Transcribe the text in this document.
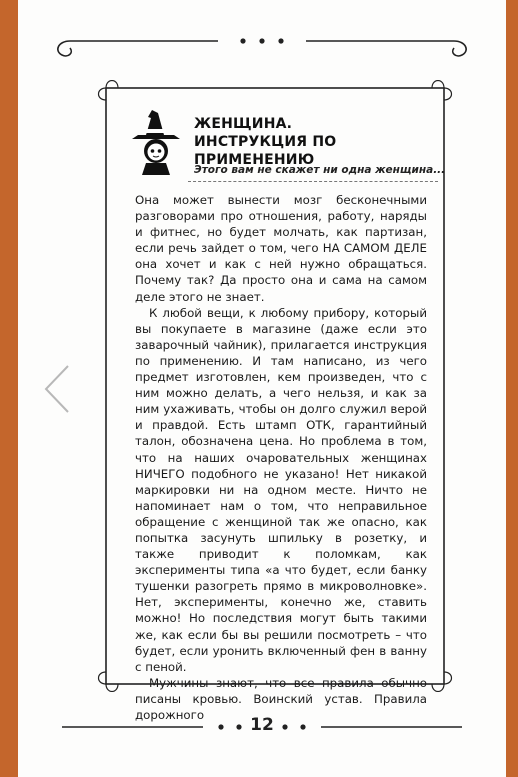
12
ЖЕНЩИНА.
ИНСТРУКЦИЯ ПО ПРИМЕНЕНИЮ

Этого вам не скажет ни одна женщина...

Она может вынести мозг бесконечными разговорами про отношения, работу, наряды и фитнес, но будет молчать, как партизан, если речь зайдет о том, чего НА САМОМ ДЕЛЕ она хочет и как с ней нужно обращаться. Почему так? Да просто она и сама на самом деле этого не знает.

К любой вещи, к любому прибору, который вы покупаете в магазине (даже если это заварочный чайник), прилагается инструкция по применению. И там написано, из чего предмет изготовлен, кем произведен, что с ним можно делать, а чего нельзя, и как за ним ухаживать, чтобы он долго служил верой и правдой. Есть штамп ОТК, гарантийный талон, обозначена цена. Но проблема в том, что на наших очаровательных женщинах НИЧЕГО подобного не указано! Нет никакой маркировки ни на одном месте. Ничто не напоминает нам о том, что неправильное обращение с женщиной так же опасно, как попытка засунуть шпильку в розетку, и также приводит к поломкам, как эксперименты типа «а что будет, если банку тушенки разогреть прямо в микроволновке». Нет, эксперименты, конечно же, ставить можно! Но последствия могут быть такими же, как если бы вы решили посмотреть – что будет, если уронить включенный фен в ванну с пеной.

Мужчины знают, что все правила обычно писаны кровью. Воинский устав. Правила дорожного
